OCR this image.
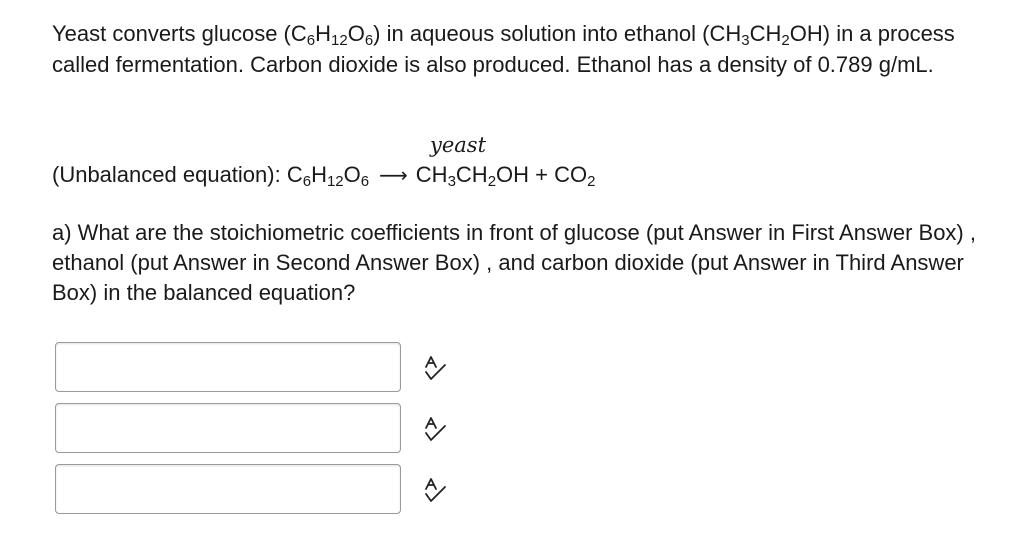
Yeast converts glucose $(C_6H_{12}O_6)$ in aqueous solution into ethanol $(CH_3CH_2OH)$ in a process called fermentation. Carbon dioxide is also produced. Ethanol has a density of 0.789 g/mL.

yeast
(Unbalanced equation): $C_6H_{12}O_6$ ⟶ $CH_3CH_2OH + CO_2$

a) What are the stoichiometric coefficients in front of glucose (put Answer in First Answer Box) , ethanol (put Answer in Second Answer Box) , and carbon dioxide (put Answer in Third Answer Box) in the balanced equation?
